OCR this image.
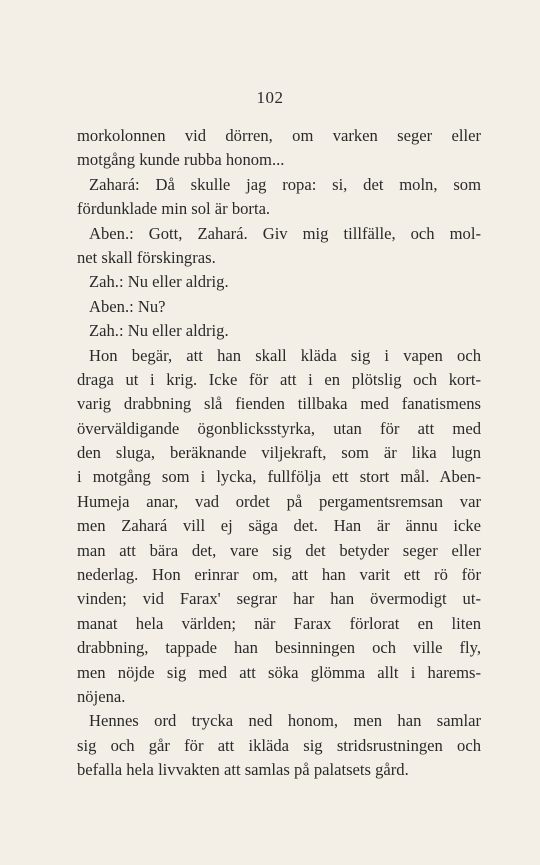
102
morkolonnen vid dörren, om varken seger eller
motgång kunde rubba honom...
Zahará: Då skulle jag ropa: si, det moln, som
fördunklade min sol är borta.
Aben.: Gott, Zahará. Giv mig tillfälle, och mol-
net skall förskingras.
Zah.: Nu eller aldrig.
Aben.: Nu?
Zah.: Nu eller aldrig.
Hon begär, att han skall kläda sig i vapen och
draga ut i krig. Icke för att i en plötslig och kort-
varig drabbning slå fienden tillbaka med fanatismens
överväldigande ögonblicksstyrka, utan för att med
den sluga, beräknande viljekraft, som är lika lugn
i motgång som i lycka, fullfölja ett stort mål. Aben-
Humeja anar, vad ordet på pergamentsremsan var
men Zahará vill ej säga det. Han är ännu icke
man att bära det, vare sig det betyder seger eller
nederlag. Hon erinrar om, att han varit ett rö för
vinden; vid Farax' segrar har han övermodigt ut-
manat hela världen; när Farax förlorat en liten
drabbning, tappade han besinningen och ville fly,
men nöjde sig med att söka glömma allt i harems-
nöjena.
Hennes ord trycka ned honom, men han samlar
sig och går för att ikläda sig stridsrustningen och
befalla hela livvakten att samlas på palatsets gård.
